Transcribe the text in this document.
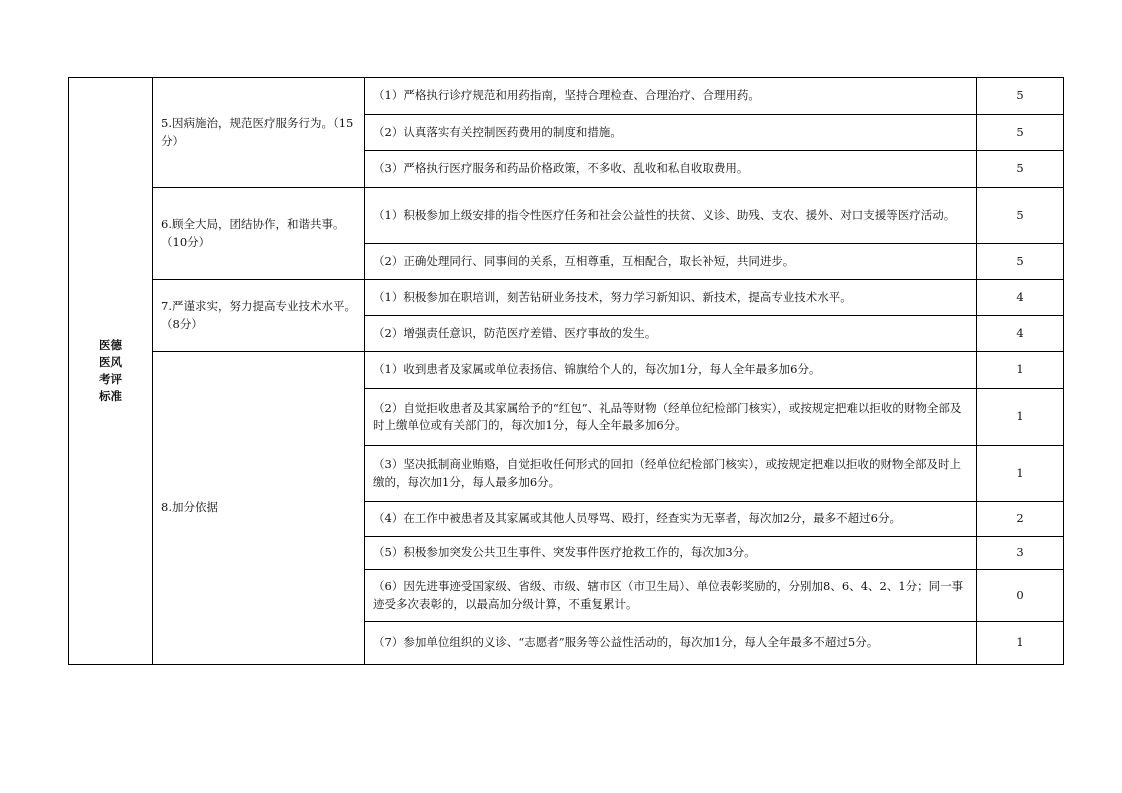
医德医风考评标准	5.因病施治，规范医疗服务行为。（15分）	（1）严格执行诊疗规范和用药指南，坚持合理检查、合理治疗、合理用药。	5
		（2）认真落实有关控制医药费用的制度和措施。	5
		（3）严格执行医疗服务和药品价格政策，不多收、乱收和私自收取费用。	5
	6.顾全大局，团结协作，和谐共事。（10分）	（1）积极参加上级安排的指令性医疗任务和社会公益性的扶贫、义诊、助残、支农、援外、对口支援等医疗活动。	5
		（2）正确处理同行、同事间的关系，互相尊重，互相配合，取长补短，共同进步。	5
	7.严谨求实，努力提高专业技术水平。（8分）	（1）积极参加在职培训，刻苦钻研业务技术，努力学习新知识、新技术，提高专业技术水平。	4
		（2）增强责任意识，防范医疗差错、医疗事故的发生。	4
	8.加分依据	（1）收到患者及家属或单位表扬信、锦旗给个人的，每次加1分，每人全年最多加6分。	1
		（2）自觉拒收患者及其家属给予的“红包”、礼品等财物（经单位纪检部门核实），或按规定把难以拒收的财物全部及时上缴单位或有关部门的，每次加1分，每人全年最多加6分。	1
		（3）坚决抵制商业贿赂，自觉拒收任何形式的回扣（经单位纪检部门核实），或按规定把难以拒收的财物全部及时上缴的，每次加1分，每人最多加6分。	1
		（4）在工作中被患者及其家属或其他人员辱骂、殴打，经查实为无辜者，每次加2分，最多不超过6分。	2
		（5）积极参加突发公共卫生事件、突发事件医疗抢救工作的，每次加3分。	3
		（6）因先进事迹受国家级、省级、市级、辖市区（市卫生局）、单位表彰奖励的，分别加8、6、4、2、1分；同一事迹受多次表彰的，以最高加分级计算，不重复累计。	0
		（7）参加单位组织的义诊、“志愿者”服务等公益性活动的，每次加1分，每人全年最多不超过5分。	1
